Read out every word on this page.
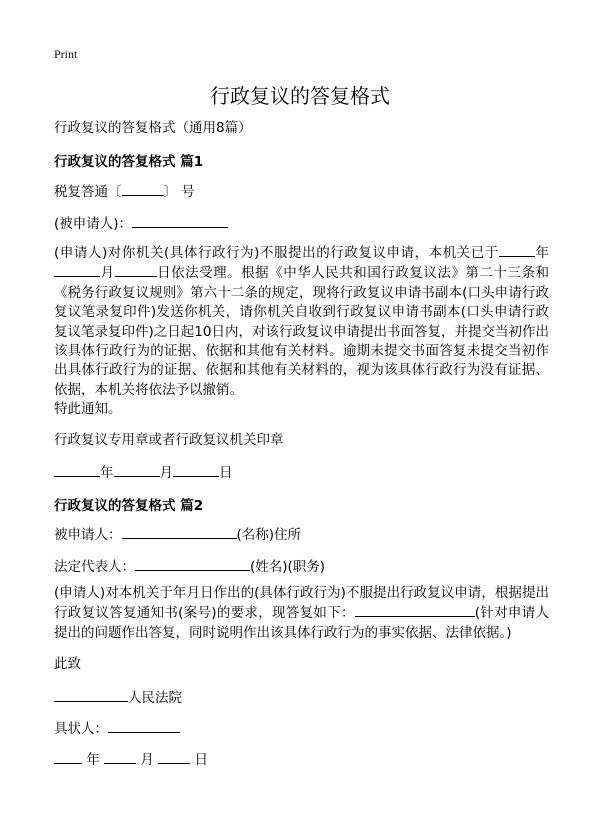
Print
行政复议的答复格式
行政复议的答复格式（通用8篇）
行政复议的答复格式 篇1
税复答通〔	〕 号
(被申请人)：
(申请人)对你机关(具体行政行为)不服提出的行政复议申请，本机关已于	年月	日依法受理。根据《中华人民共和国行政复议法》第二十三条和《税务行政复议规则》第六十二条的规定，现将行政复议申请书副本(口头申请行政复议笔录复印件)发送你机关，请你机关自收到行政复议申请书副本(口头申请行政复议笔录复印件)之日起10日内，对该行政复议申请提出书面答复，并提交当初作出该具体行政行为的证据、依据和其他有关材料。逾期未提交书面答复未提交当初作出具体行政行为的证据、依据和其他有关材料的，视为该具体行政行为没有证据、依据，本机关将依法予以撤销。
特此通知。
行政复议专用章或者行政复议机关印章
年	月	日
行政复议的答复格式 篇2
被申请人：	(名称)住所
法定代表人：	(姓名)(职务)
(申请人)对本机关于年月日作出的(具体行政行为)不服提出行政复议申请，根据提出行政复议答复通知书(案号)的要求，现答复如下：	(针对申请人提出的问题作出答复，同时说明作出该具体行政行为的事实依据、法律依据。)
此致
人民法院
具状人：
年	月	日
